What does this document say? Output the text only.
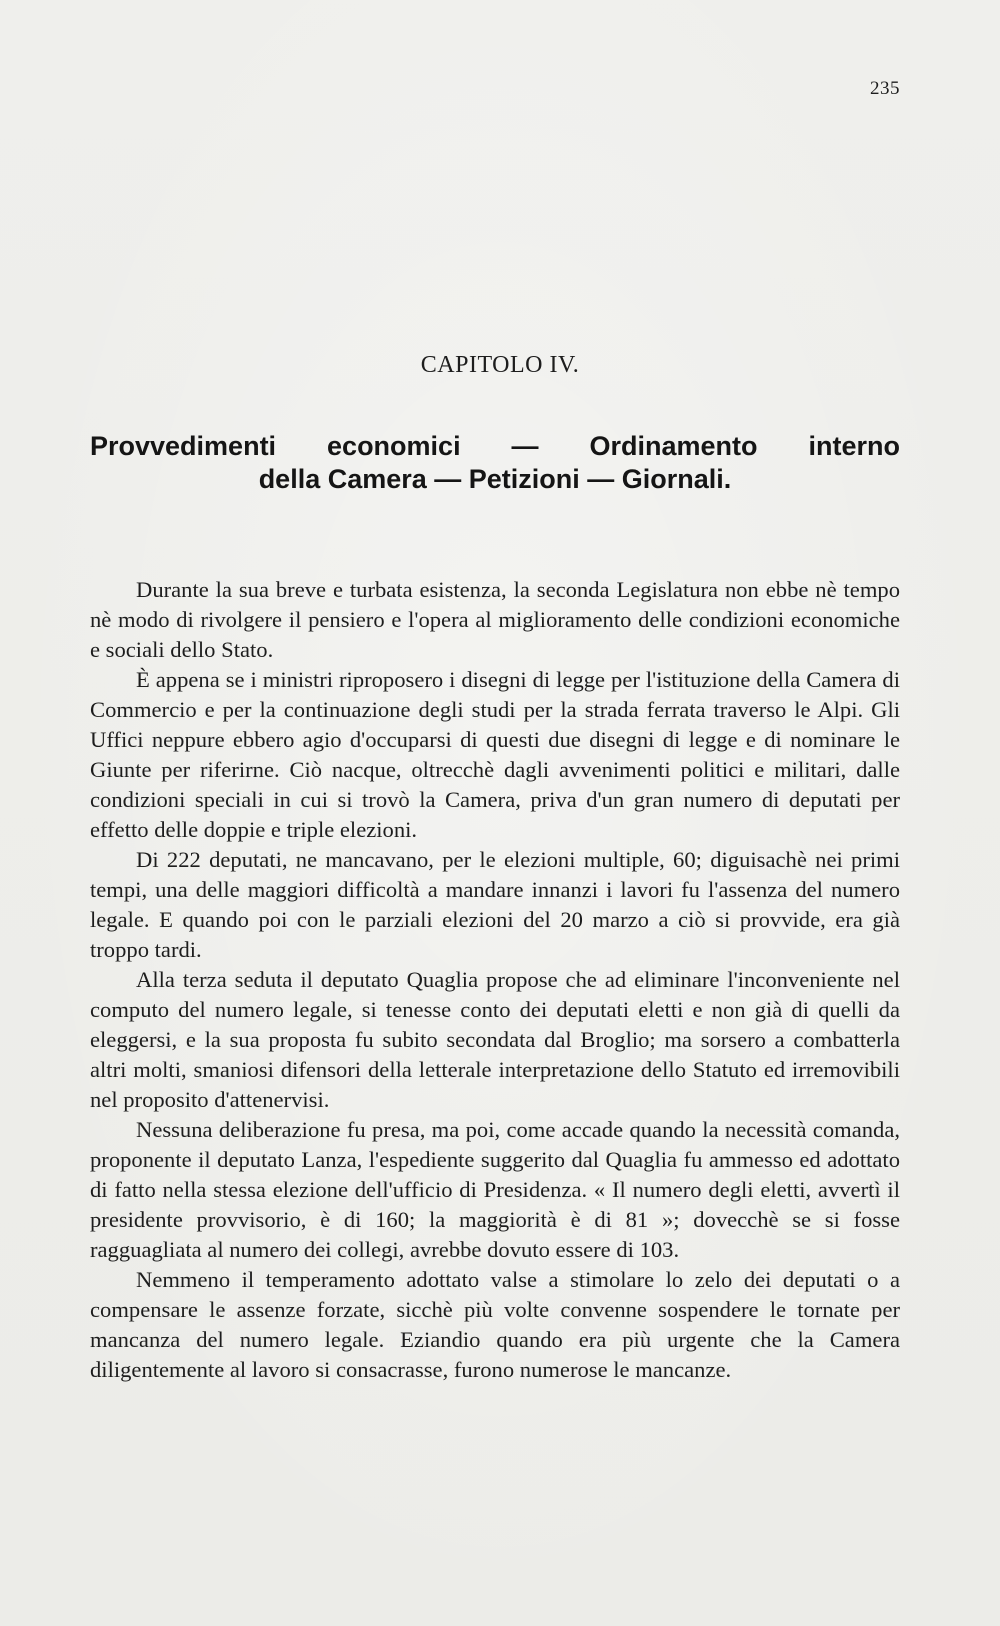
235
CAPITOLO IV.
Provvedimenti economici — Ordinamento interno
della Camera — Petizioni — Giornali.

Durante la sua breve e turbata esistenza, la seconda Legislatura non ebbe nè tempo nè modo di rivolgere il pensiero e l'opera al miglioramento delle condizioni economiche e sociali dello Stato.

È appena se i ministri riproposero i disegni di legge per l'istituzione della Camera di Commercio e per la continuazione degli studi per la strada ferrata traverso le Alpi. Gli Uffici neppure ebbero agio d'occuparsi di questi due disegni di legge e di nominare le Giunte per riferirne. Ciò nacque, oltrecchè dagli avvenimenti politici e militari, dalle condizioni speciali in cui si trovò la Camera, priva d'un gran numero di deputati per effetto delle doppie e triple elezioni.

Di 222 deputati, ne mancavano, per le elezioni multiple, 60; diguisachè nei primi tempi, una delle maggiori difficoltà a mandare innanzi i lavori fu l'assenza del numero legale. E quando poi con le parziali elezioni del 20 marzo a ciò si provvide, era già troppo tardi.

Alla terza seduta il deputato Quaglia propose che ad eliminare l'inconveniente nel computo del numero legale, si tenesse conto dei deputati eletti e non già di quelli da eleggersi, e la sua proposta fu subito secondata dal Broglio; ma sorsero a combatterla altri molti, smaniosi difensori della letterale interpretazione dello Statuto ed irremovibili nel proposito d'attenervisi.

Nessuna deliberazione fu presa, ma poi, come accade quando la necessità comanda, proponente il deputato Lanza, l'espediente suggerito dal Quaglia fu ammesso ed adottato di fatto nella stessa elezione dell'ufficio di Presidenza. « Il numero degli eletti, avvertì il presidente provvisorio, è di 160; la maggiorità è di 81 »; dovecchè se si fosse ragguagliata al numero dei collegi, avrebbe dovuto essere di 103.

Nemmeno il temperamento adottato valse a stimolare lo zelo dei deputati o a compensare le assenze forzate, sicchè più volte convenne sospendere le tornate per mancanza del numero legale. Eziandio quando era più urgente che la Camera diligentemente al lavoro si consacrasse, furono numerose le mancanze.
